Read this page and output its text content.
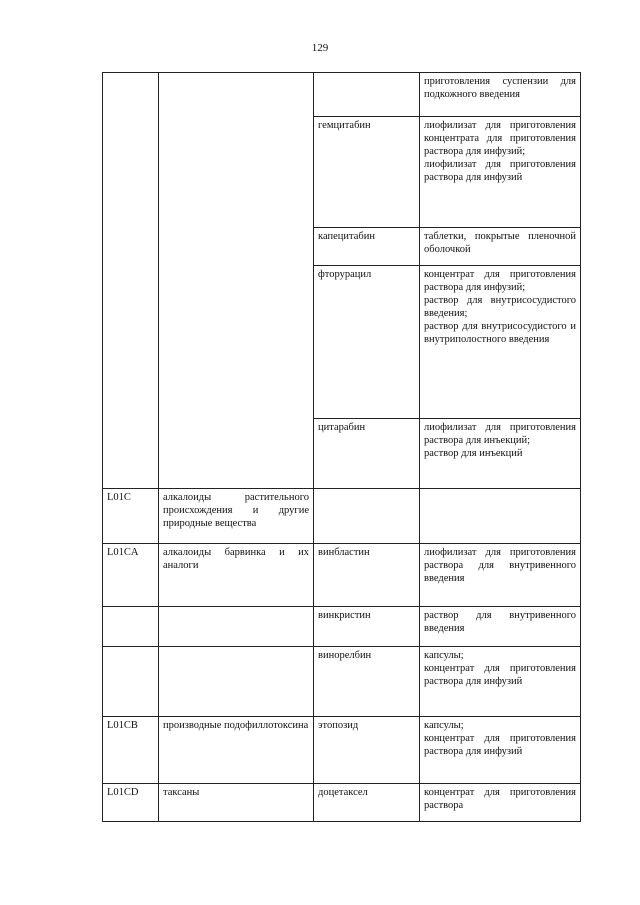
129

			приготовления суспензии для подкожного введения

		гемцитабин	лиофилизат для приготовления концентрата для приготовления раствора для инфузий;
лиофилизат для приготовления раствора для инфузий

		капецитабин	таблетки, покрытые пленочной оболочкой

		фторурацил	концентрат для приготовления раствора для инфузий;
раствор для внутрисосудистого введения;
раствор для внутрисосудистого и внутриполостного введения

		цитарабин	лиофилизат для приготовления раствора для инъекций;
раствор для инъекций

L01C	алкалоиды растительного происхождения и другие природные вещества		
L01CA	алкалоиды барвинка и их аналоги	винбластин	лиофилизат для приготовления раствора для внутривенного введения

		винкристин	раствор для внутривенного введения

		винорелбин	капсулы;
концентрат для приготовления раствора для инфузий

L01CB	производные подофиллотоксина	этопозид	капсулы;
концентрат для приготовления раствора для инфузий

L01CD	таксаны	доцетаксел	концентрат для приготовления раствора
